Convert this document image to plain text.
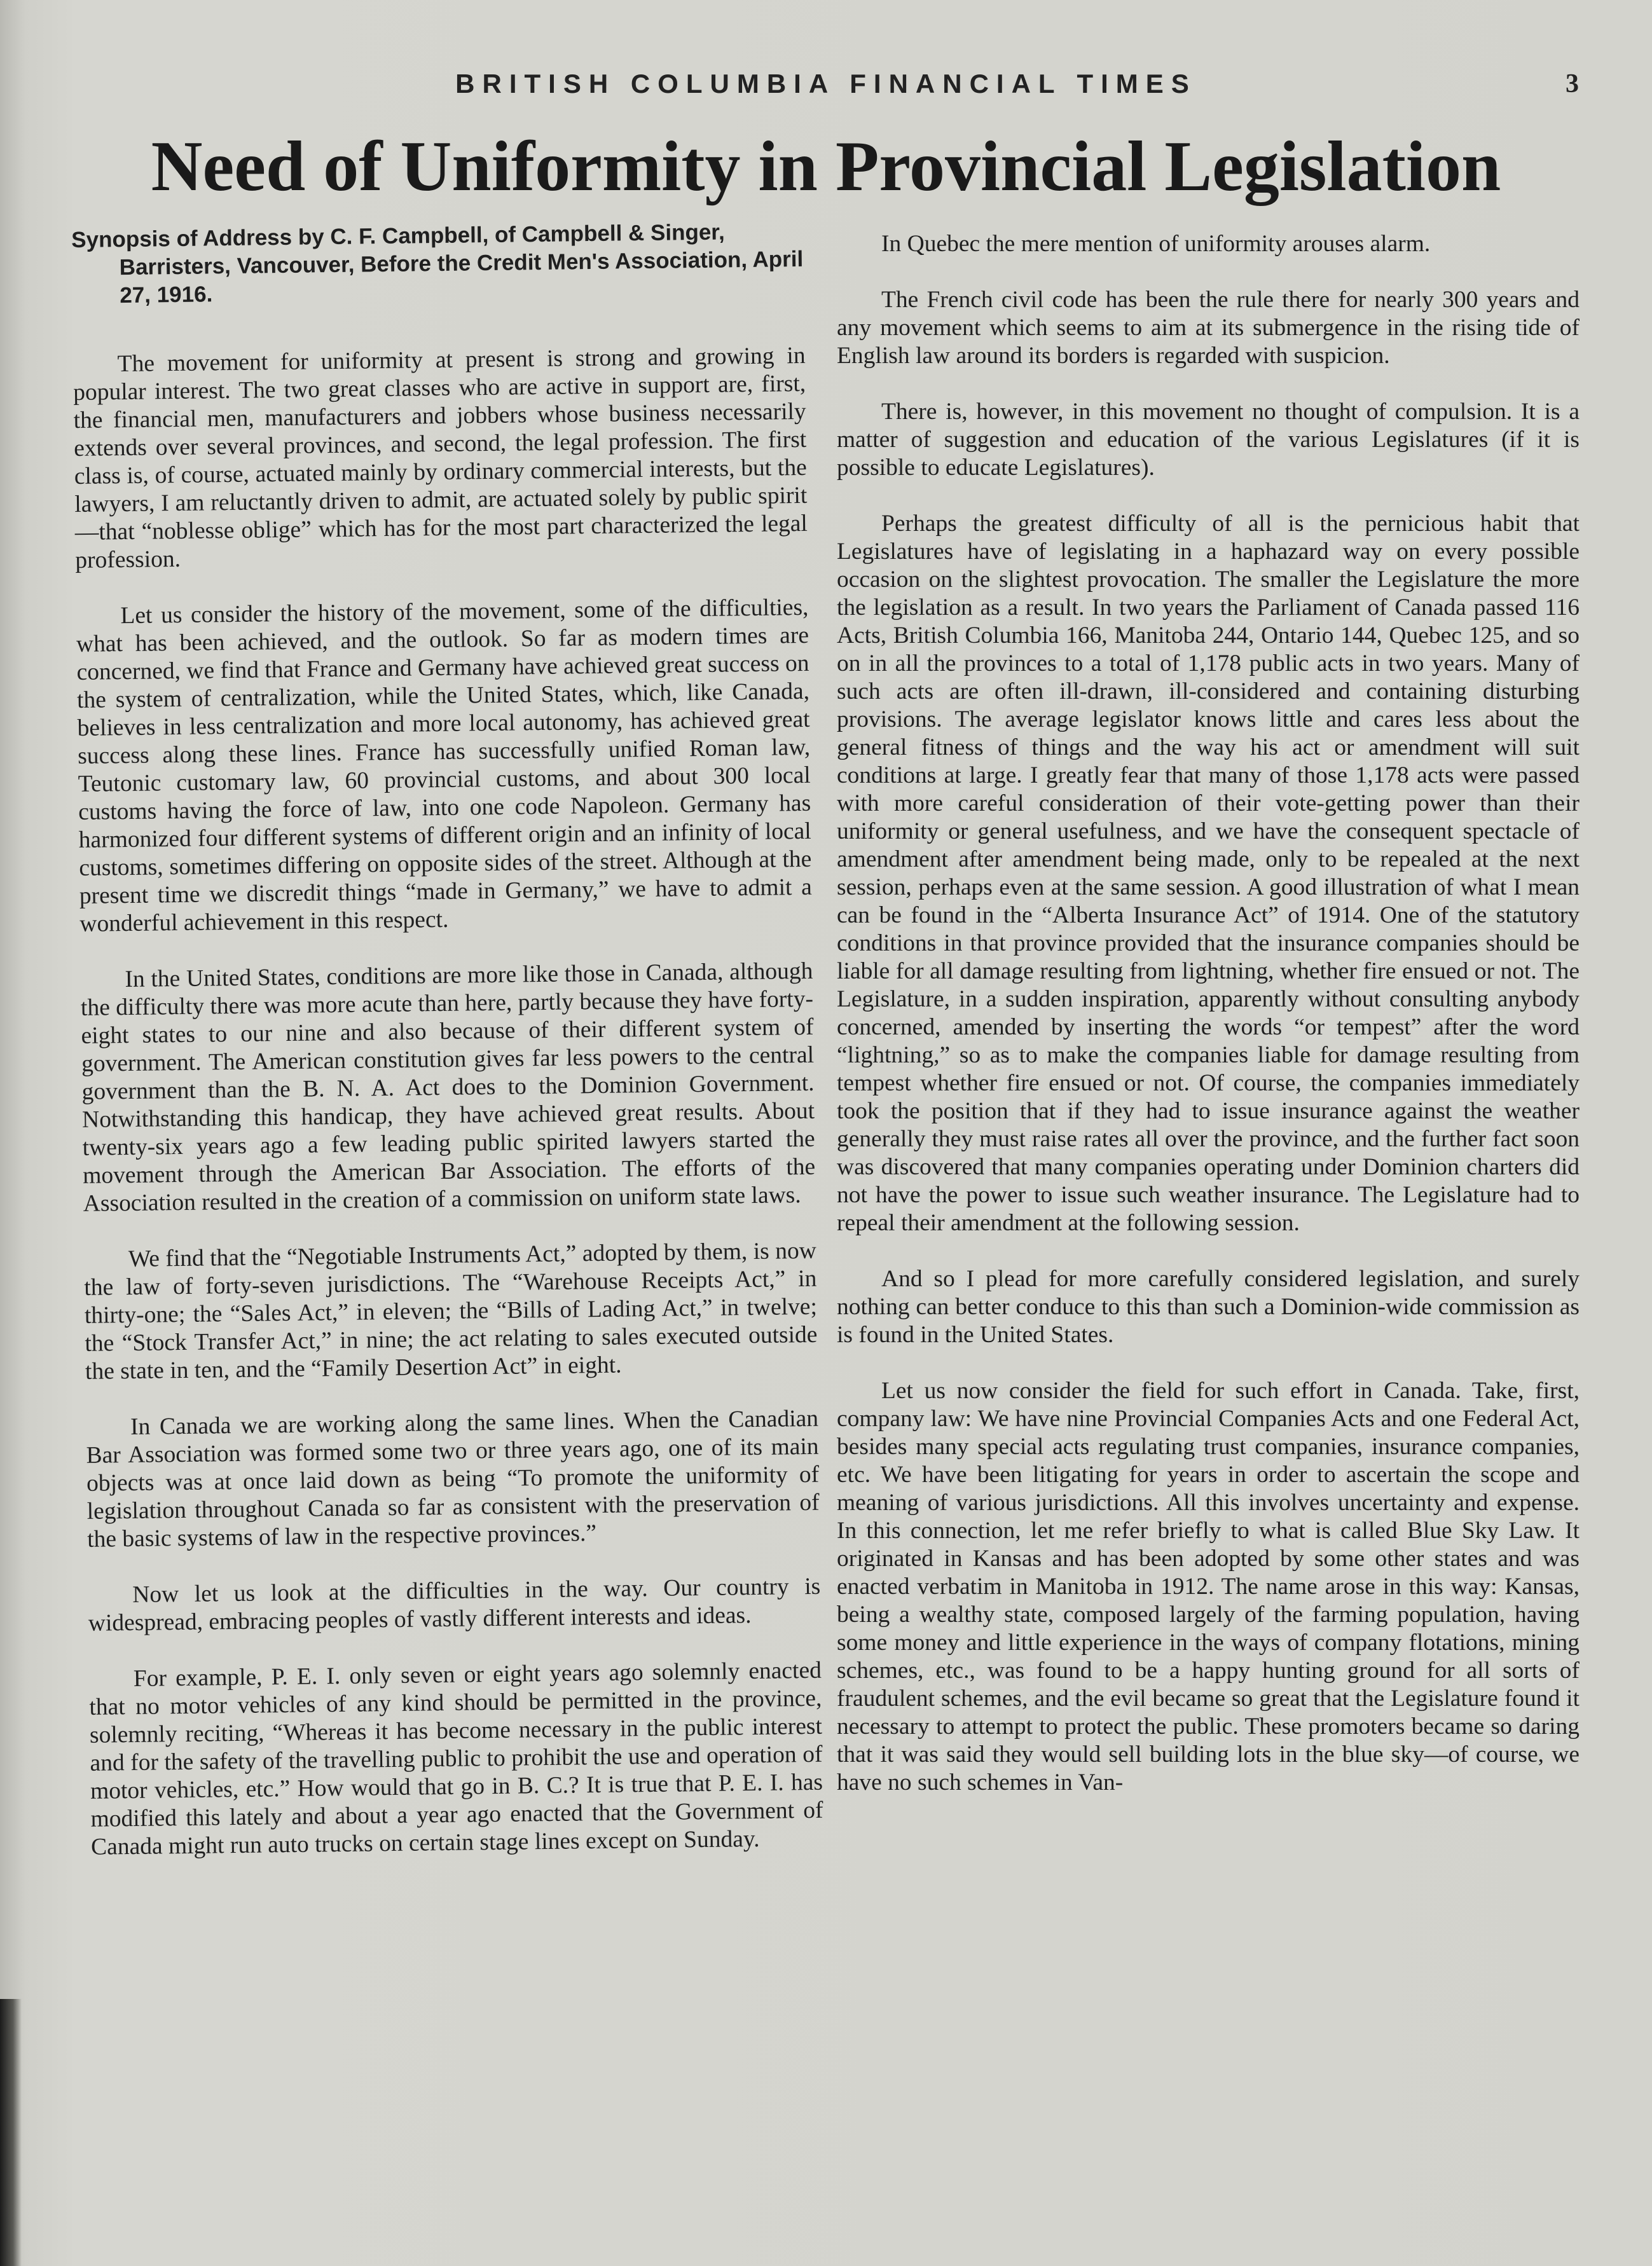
BRITISH COLUMBIA FINANCIAL TIMES	3
Need of Uniformity in Provincial Legislation
Synopsis of Address by C. F. Campbell, of Campbell & Singer, Barristers, Vancouver, Before the Credit Men's Association, April 27, 1916.

The movement for uniformity at present is strong and growing in popular interest. The two great classes who are active in support are, first, the financial men, manufacturers and jobbers whose business necessarily extends over several provinces, and second, the legal profession. The first class is, of course, actuated mainly by ordinary commercial interests, but the lawyers, I am reluctantly driven to admit, are actuated solely by public spirit—that “noblesse oblige” which has for the most part characterized the legal profession.

Let us consider the history of the movement, some of the difficulties, what has been achieved, and the outlook. So far as modern times are concerned, we find that France and Germany have achieved great success on the system of centralization, while the United States, which, like Canada, believes in less centralization and more local autonomy, has achieved great success along these lines. France has successfully unified Roman law, Teutonic customary law, 60 provincial customs, and about 300 local customs having the force of law, into one code Napoleon. Germany has harmonized four different systems of different origin and an infinity of local customs, sometimes differing on opposite sides of the street. Although at the present time we discredit things “made in Germany,” we have to admit a wonderful achievement in this respect.

In the United States, conditions are more like those in Canada, although the difficulty there was more acute than here, partly because they have forty-eight states to our nine and also because of their different system of government. The American constitution gives far less powers to the central government than the B. N. A. Act does to the Dominion Government. Notwithstanding this handicap, they have achieved great results. About twenty-six years ago a few leading public spirited lawyers started the movement through the American Bar Association. The efforts of the Association resulted in the creation of a commission on uniform state laws.

We find that the “Negotiable Instruments Act,” adopted by them, is now the law of forty-seven jurisdictions. The “Warehouse Receipts Act,” in thirty-one; the “Sales Act,” in eleven; the “Bills of Lading Act,” in twelve; the “Stock Transfer Act,” in nine; the act relating to sales executed outside the state in ten, and the “Family Desertion Act” in eight.

In Canada we are working along the same lines. When the Canadian Bar Association was formed some two or three years ago, one of its main objects was at once laid down as being “To promote the uniformity of legislation throughout Canada so far as consistent with the preservation of the basic systems of law in the respective provinces.”

Now let us look at the difficulties in the way. Our country is widespread, embracing peoples of vastly different interests and ideas.

For example, P. E. I. only seven or eight years ago solemnly enacted that no motor vehicles of any kind should be permitted in the province, solemnly reciting, “Whereas it has become necessary in the public interest and for the safety of the travelling public to prohibit the use and operation of motor vehicles, etc.” How would that go in B. C.? It is true that P. E. I. has modified this lately and about a year ago enacted that the Government of Canada might run auto trucks on certain stage lines except on Sunday.

In Quebec the mere mention of uniformity arouses alarm.

The French civil code has been the rule there for nearly 300 years and any movement which seems to aim at its submergence in the rising tide of English law around its borders is regarded with suspicion.

There is, however, in this movement no thought of compulsion. It is a matter of suggestion and education of the various Legislatures (if it is possible to educate Legislatures).

Perhaps the greatest difficulty of all is the pernicious habit that Legislatures have of legislating in a haphazard way on every possible occasion on the slightest provocation. The smaller the Legislature the more the legislation as a result. In two years the Parliament of Canada passed 116 Acts, British Columbia 166, Manitoba 244, Ontario 144, Quebec 125, and so on in all the provinces to a total of 1,178 public acts in two years. Many of such acts are often ill-drawn, ill-considered and containing disturbing provisions. The average legislator knows little and cares less about the general fitness of things and the way his act or amendment will suit conditions at large. I greatly fear that many of those 1,178 acts were passed with more careful consideration of their vote-getting power than their uniformity or general usefulness, and we have the consequent spectacle of amendment after amendment being made, only to be repealed at the next session, perhaps even at the same session. A good illustration of what I mean can be found in the “Alberta Insurance Act” of 1914. One of the statutory conditions in that province provided that the insurance companies should be liable for all damage resulting from lightning, whether fire ensued or not. The Legislature, in a sudden inspiration, apparently without consulting anybody concerned, amended by inserting the words “or tempest” after the word “lightning,” so as to make the companies liable for damage resulting from tempest whether fire ensued or not. Of course, the companies immediately took the position that if they had to issue insurance against the weather generally they must raise rates all over the province, and the further fact soon was discovered that many companies operating under Dominion charters did not have the power to issue such weather insurance. The Legislature had to repeal their amendment at the following session.

And so I plead for more carefully considered legislation, and surely nothing can better conduce to this than such a Dominion-wide commission as is found in the United States.

Let us now consider the field for such effort in Canada. Take, first, company law: We have nine Provincial Companies Acts and one Federal Act, besides many special acts regulating trust companies, insurance companies, etc. We have been litigating for years in order to ascertain the scope and meaning of various jurisdictions. All this involves uncertainty and expense. In this connection, let me refer briefly to what is called Blue Sky Law. It originated in Kansas and has been adopted by some other states and was enacted verbatim in Manitoba in 1912. The name arose in this way: Kansas, being a wealthy state, composed largely of the farming population, having some money and little experience in the ways of company flotations, mining schemes, etc., was found to be a happy hunting ground for all sorts of fraudulent schemes, and the evil became so great that the Legislature found it necessary to attempt to protect the public. These promoters became so daring that it was said they would sell building lots in the blue sky—of course, we have no such schemes in Van-
